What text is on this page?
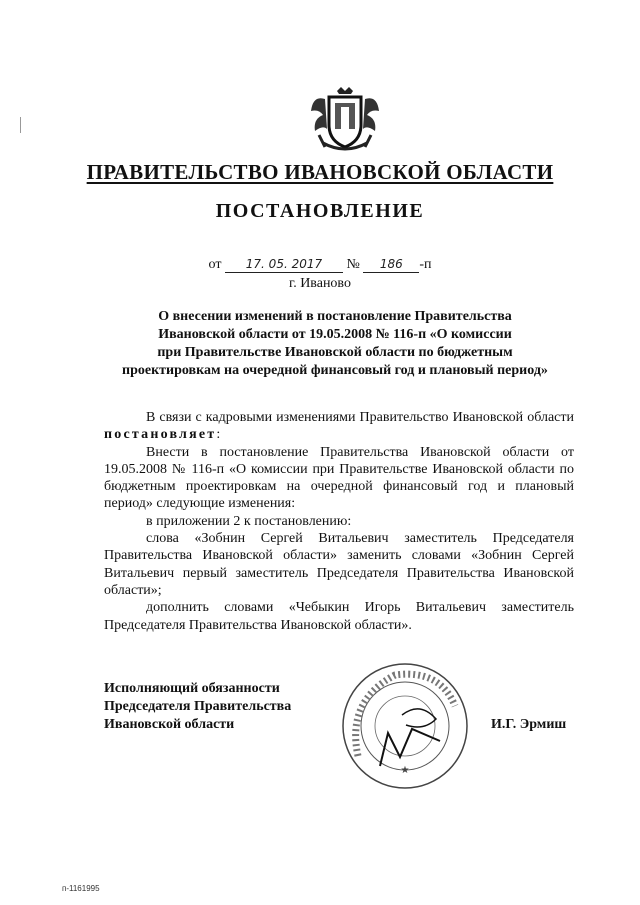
ПРАВИТЕЛЬСТВО ИВАНОВСКОЙ ОБЛАСТИ
ПОСТАНОВЛЕНИЕ
от 17. 05. 2017 № 186 -п
г. Иваново
О внесении изменений в постановление Правительства
Ивановской области от 19.05.2008 № 116-п «О комиссии
при Правительстве Ивановской области по бюджетным
проектировкам на очередной финансовый год и плановый период»

В связи с кадровыми изменениями Правительство Ивановской области постановляет:

Внести в постановление Правительства Ивановской области от 19.05.2008 № 116-п «О комиссии при Правительстве Ивановской области по бюджетным проектировкам на очередной финансовый год и плановый период» следующие изменения:

в приложении 2 к постановлению:

слова «Зобнин Сергей Витальевич заместитель Председателя Правительства Ивановской области» заменить словами «Зобнин Сергей Витальевич первый заместитель Председателя Правительства Ивановской области»;

дополнить словами «Чебыкин Игорь Витальевич заместитель Председателя Правительства Ивановской области».

Исполняющий обязанности
Председателя Правительства
Ивановской области
★
И.Г. Эрмиш
п-1161995
